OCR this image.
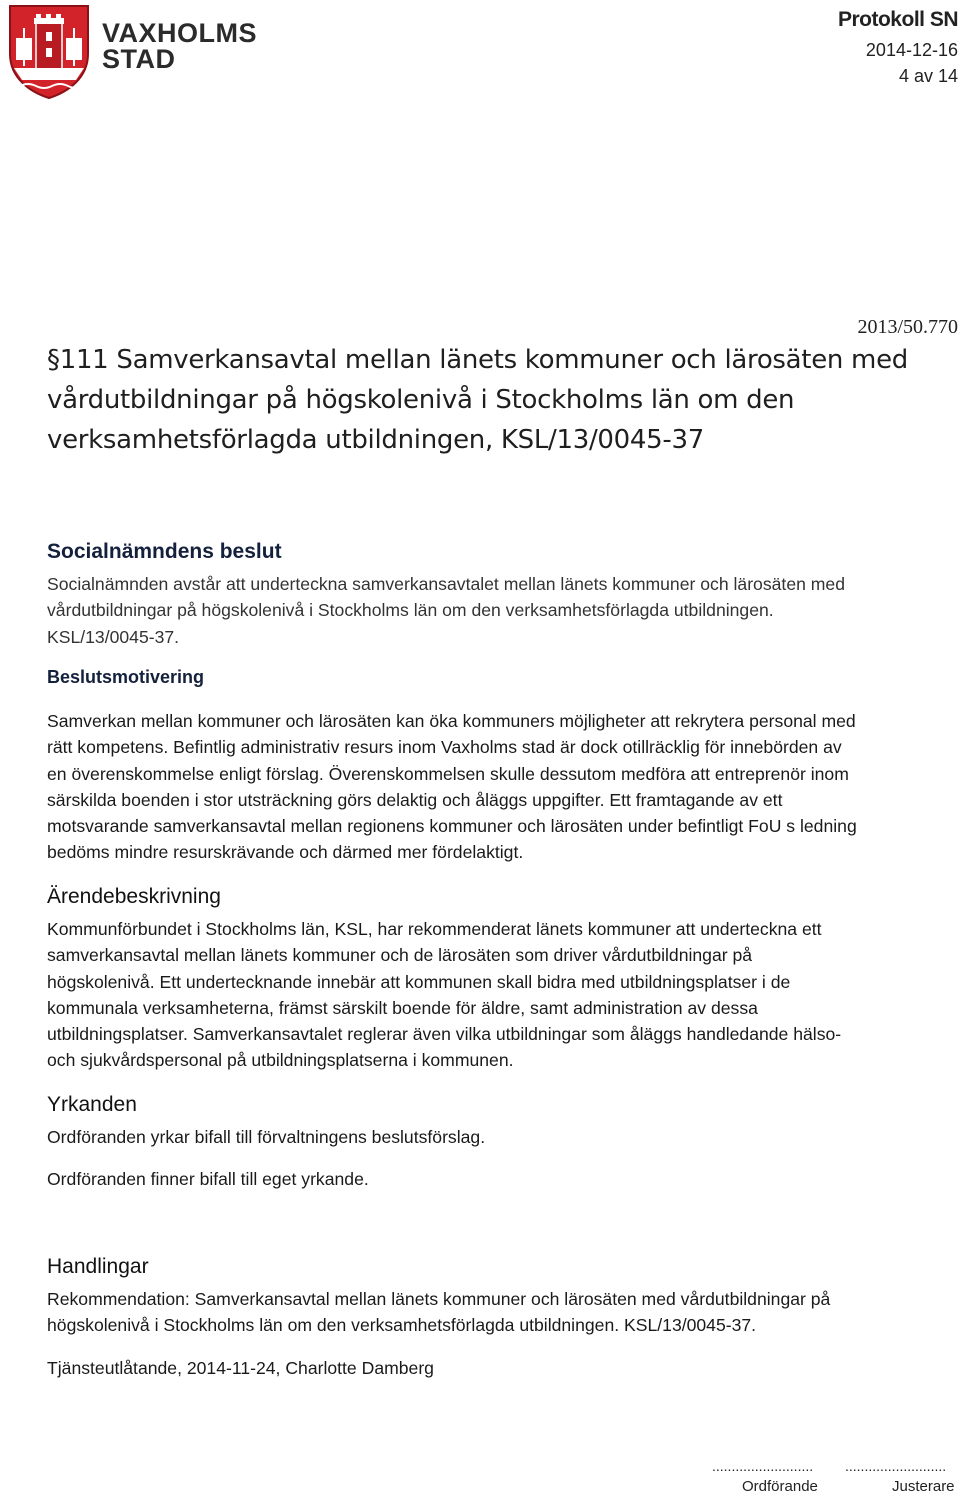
VAXHOLMS
STAD
Protokoll SN
2014-12-16
4 av 14
2013/50.770
§111 Samverkansavtal mellan länets kommuner och lärosäten med
vårdutbildningar på högskolenivå i Stockholms län om den
verksamhetsförlagda utbildningen, KSL/13/0045-37
Socialnämndens beslut
Socialnämnden avstår att underteckna samverkansavtalet mellan länets kommuner och lärosäten med
vårdutbildningar på högskolenivå i Stockholms län om den verksamhetsförlagda utbildningen.
KSL/13/0045-37.
Beslutsmotivering
Samverkan mellan kommuner och lärosäten kan öka kommuners möjligheter att rekrytera personal med
rätt kompetens. Befintlig administrativ resurs inom Vaxholms stad är dock otillräcklig för innebörden av
en överenskommelse enligt förslag. Överenskommelsen skulle dessutom medföra att entreprenör inom
särskilda boenden i stor utsträckning görs delaktig och åläggs uppgifter. Ett framtagande av ett
motsvarande samverkansavtal mellan regionens kommuner och lärosäten under befintligt FoU s ledning
bedöms mindre resurskrävande och därmed mer fördelaktigt.
Ärendebeskrivning
Kommunförbundet i Stockholms län, KSL, har rekommenderat länets kommuner att underteckna ett
samverkansavtal mellan länets kommuner och de lärosäten som driver vårdutbildningar på
högskolenivå. Ett undertecknande innebär att kommunen skall bidra med utbildningsplatser i de
kommunala verksamheterna, främst särskilt boende för äldre, samt administration av dessa
utbildningsplatser. Samverkansavtalet reglerar även vilka utbildningar som åläggs handledande hälso-
och sjukvårdspersonal på utbildningsplatserna i kommunen.
Yrkanden
Ordföranden yrkar bifall till förvaltningens beslutsförslag.
Ordföranden finner bifall till eget yrkande.
Handlingar
Rekommendation: Samverkansavtal mellan länets kommuner och lärosäten med vårdutbildningar på
högskolenivå i Stockholms län om den verksamhetsförlagda utbildningen. KSL/13/0045-37.
Tjänsteutlåtande, 2014-11-24, Charlotte Damberg
.......................... ..........................
Ordförande	Justerare
